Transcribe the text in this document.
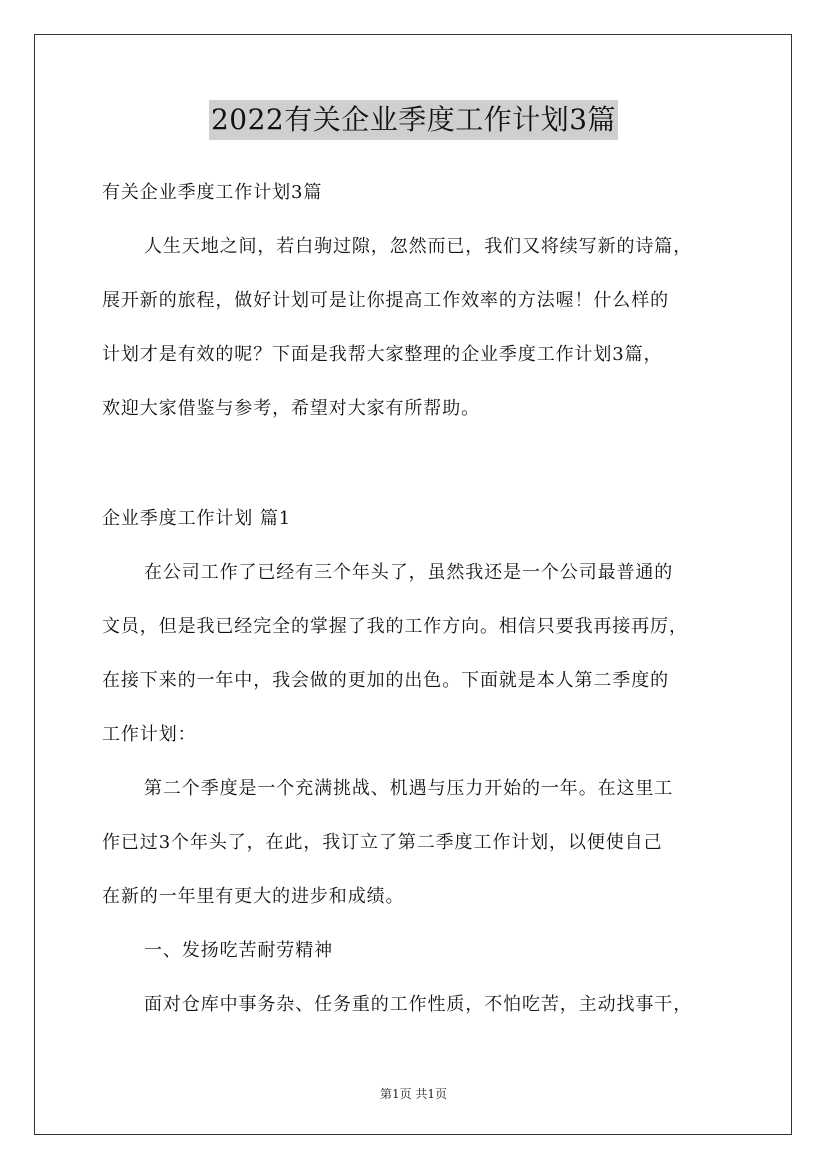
2022有关企业季度工作计划3篇
有关企业季度工作计划3篇
人生天地之间，若白驹过隙，忽然而已，我们又将续写新的诗篇，
展开新的旅程，做好计划可是让你提高工作效率的方法喔！什么样的
计划才是有效的呢？下面是我帮大家整理的企业季度工作计划3篇，
欢迎大家借鉴与参考，希望对大家有所帮助。
企业季度工作计划 篇1
在公司工作了已经有三个年头了，虽然我还是一个公司最普通的
文员，但是我已经完全的掌握了我的工作方向。相信只要我再接再厉，
在接下来的一年中，我会做的更加的出色。下面就是本人第二季度的
工作计划：
第二个季度是一个充满挑战、机遇与压力开始的一年。在这里工
作已过3个年头了，在此，我订立了第二季度工作计划，以便使自己
在新的一年里有更大的进步和成绩。
一、发扬吃苦耐劳精神
面对仓库中事务杂、任务重的工作性质，不怕吃苦，主动找事干，
第1页 共1页
